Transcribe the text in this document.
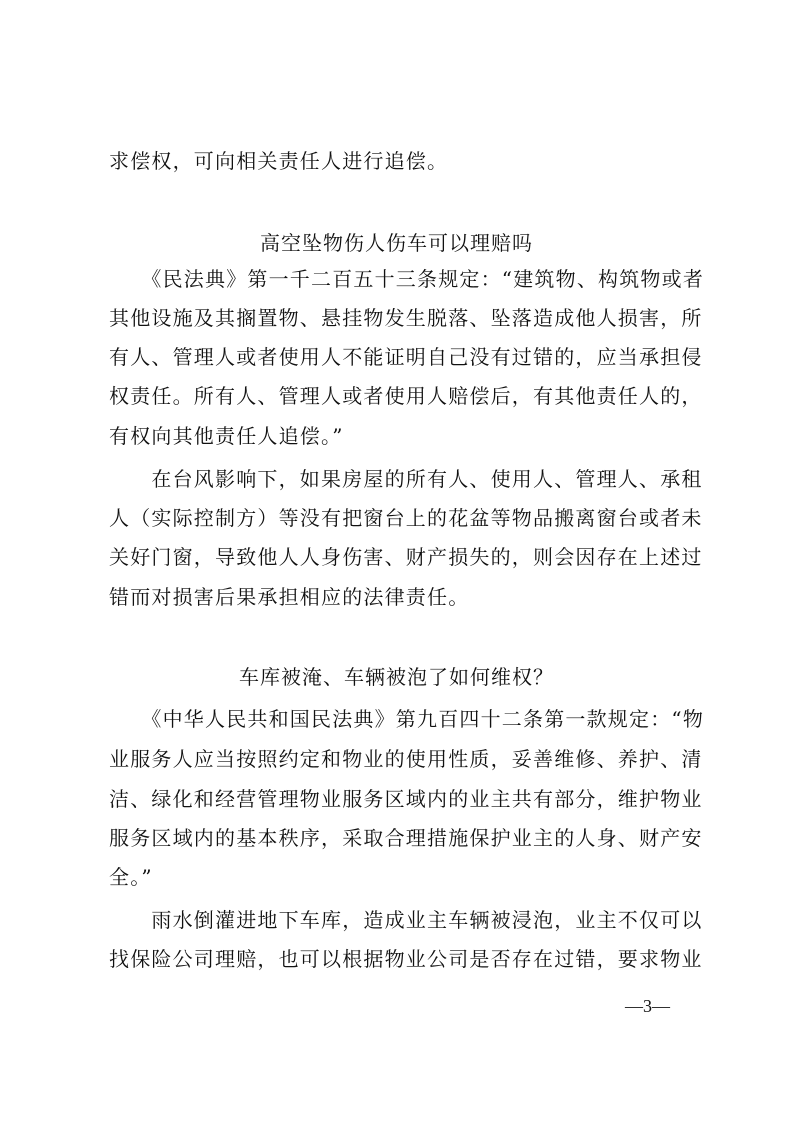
求偿权，可向相关责任人进行追偿。
高空坠物伤人伤车可以理赔吗
　　《民法典》第一千二百五十三条规定：“建筑物、构筑物或者
其他设施及其搁置物、悬挂物发生脱落、坠落造成他人损害，所
有人、管理人或者使用人不能证明自己没有过错的，应当承担侵
权责任。所有人、管理人或者使用人赔偿后，有其他责任人的，
有权向其他责任人追偿。”
　　在台风影响下，如果房屋的所有人、使用人、管理人、承租
人（实际控制方）等没有把窗台上的花盆等物品搬离窗台或者未
关好门窗，导致他人人身伤害、财产损失的，则会因存在上述过
错而对损害后果承担相应的法律责任。
车库被淹、车辆被泡了如何维权？
　　《中华人民共和国民法典》第九百四十二条第一款规定：“物
业服务人应当按照约定和物业的使用性质，妥善维修、养护、清
洁、绿化和经营管理物业服务区域内的业主共有部分，维护物业
服务区域内的基本秩序，采取合理措施保护业主的人身、财产安
全。”
　　雨水倒灌进地下车库，造成业主车辆被浸泡，业主不仅可以
找保险公司理赔，也可以根据物业公司是否存在过错，要求物业
—3—
